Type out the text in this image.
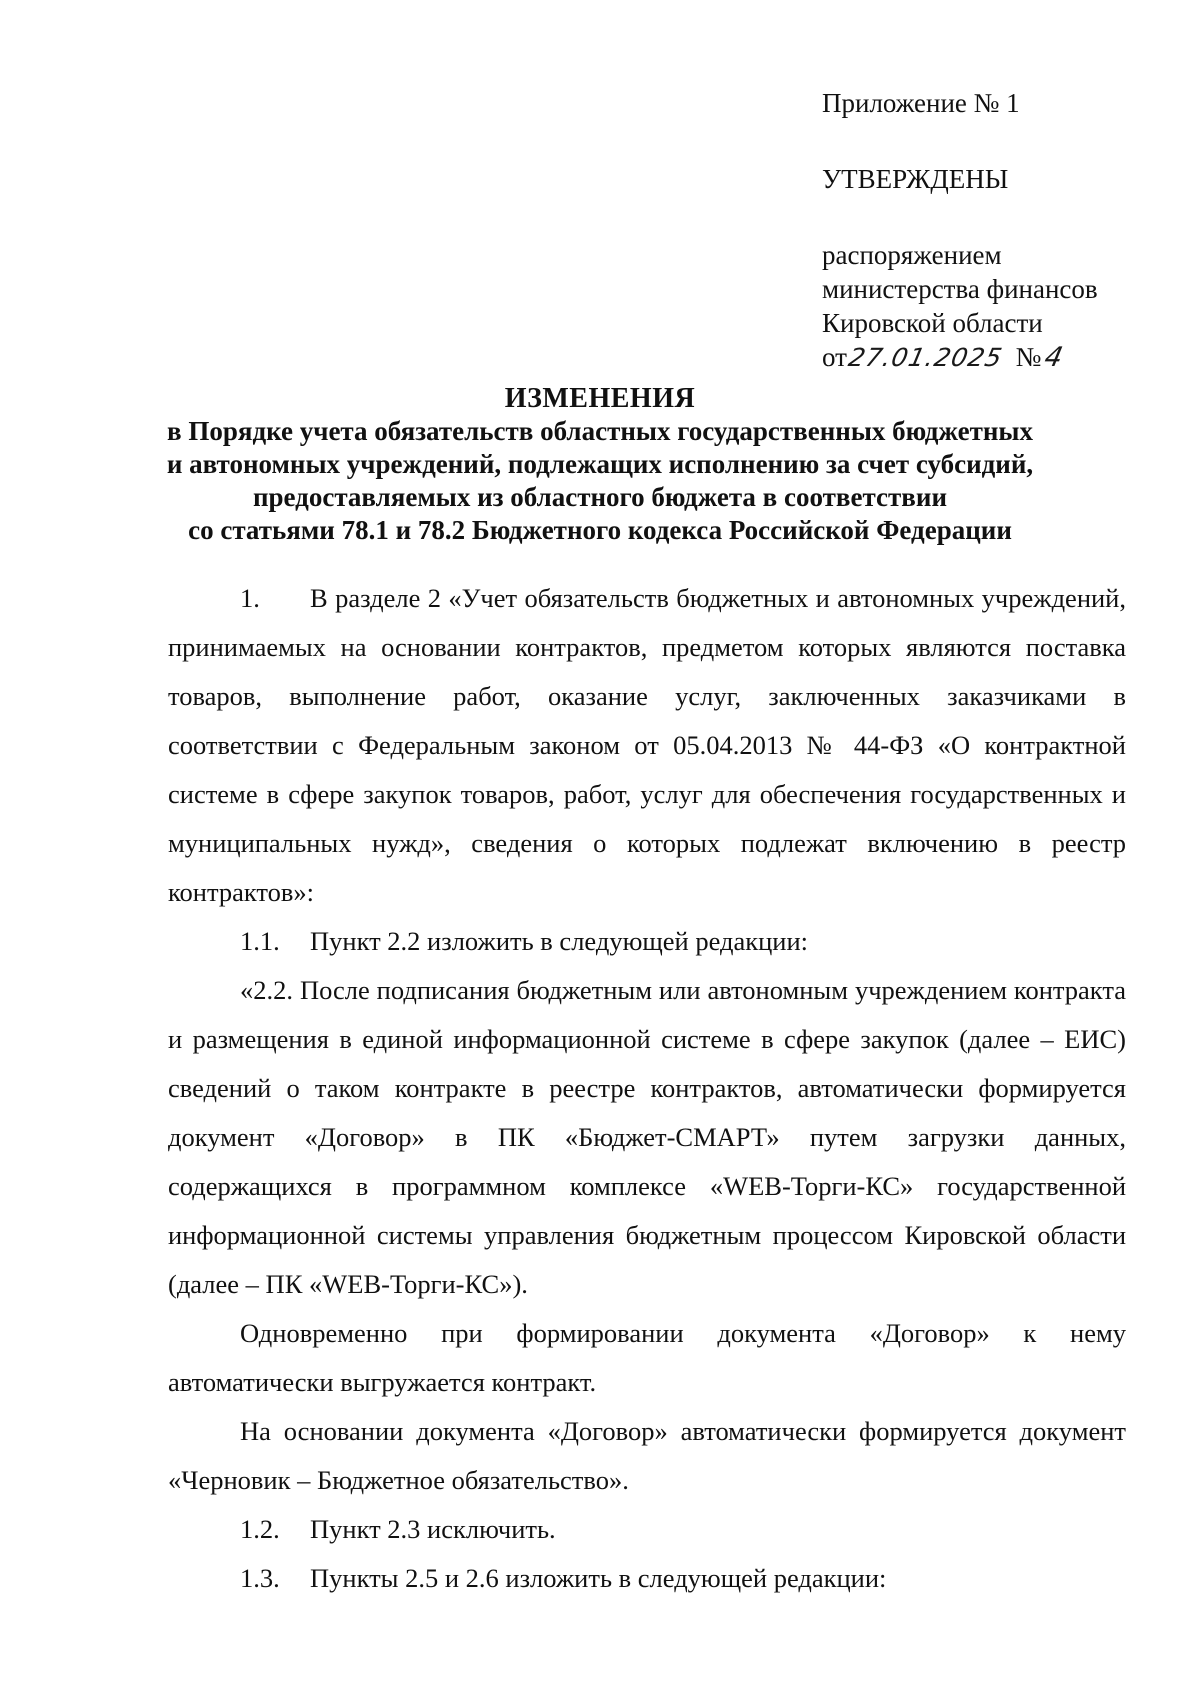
Приложение № 1
УТВЕРЖДЕНЫ
распоряжением
министерства финансов
Кировской области
от27.01.2025 №4
ИЗМЕНЕНИЯ
в Порядке учета обязательств областных государственных бюджетных
и автономных учреждений, подлежащих исполнению за счет субсидий,
предоставляемых из областного бюджета в соответствии
со статьями 78.1 и 78.2 Бюджетного кодекса Российской Федерации

1. В разделе 2 «Учет обязательств бюджетных и автономных учреждений, принимаемых на основании контрактов, предметом которых являются поставка товаров, выполнение работ, оказание услуг, заключенных заказчиками в соответствии с Федеральным законом от 05.04.2013 № 44-ФЗ «О контрактной системе в сфере закупок товаров, работ, услуг для обеспечения государственных и муниципальных нужд», сведения о которых подлежат включению в реестр контрактов»:

1.1. Пункт 2.2 изложить в следующей редакции:

«2.2. После подписания бюджетным или автономным учреждением контракта и размещения в единой информационной системе в сфере закупок (далее – ЕИС) сведений о таком контракте в реестре контрактов, автоматически формируется документ «Договор» в ПК «Бюджет-СМАРТ» путем загрузки данных, содержащихся в программном комплексе «WEB-Торги-КС» государственной информационной системы управления бюджетным процессом Кировской области (далее – ПК «WEB-Торги-КС»).

Одновременно при формировании документа «Договор» к нему автоматически выгружается контракт.

На основании документа «Договор» автоматически формируется документ «Черновик – Бюджетное обязательство».

1.2. Пункт 2.3 исключить.

1.3. Пункты 2.5 и 2.6 изложить в следующей редакции:
